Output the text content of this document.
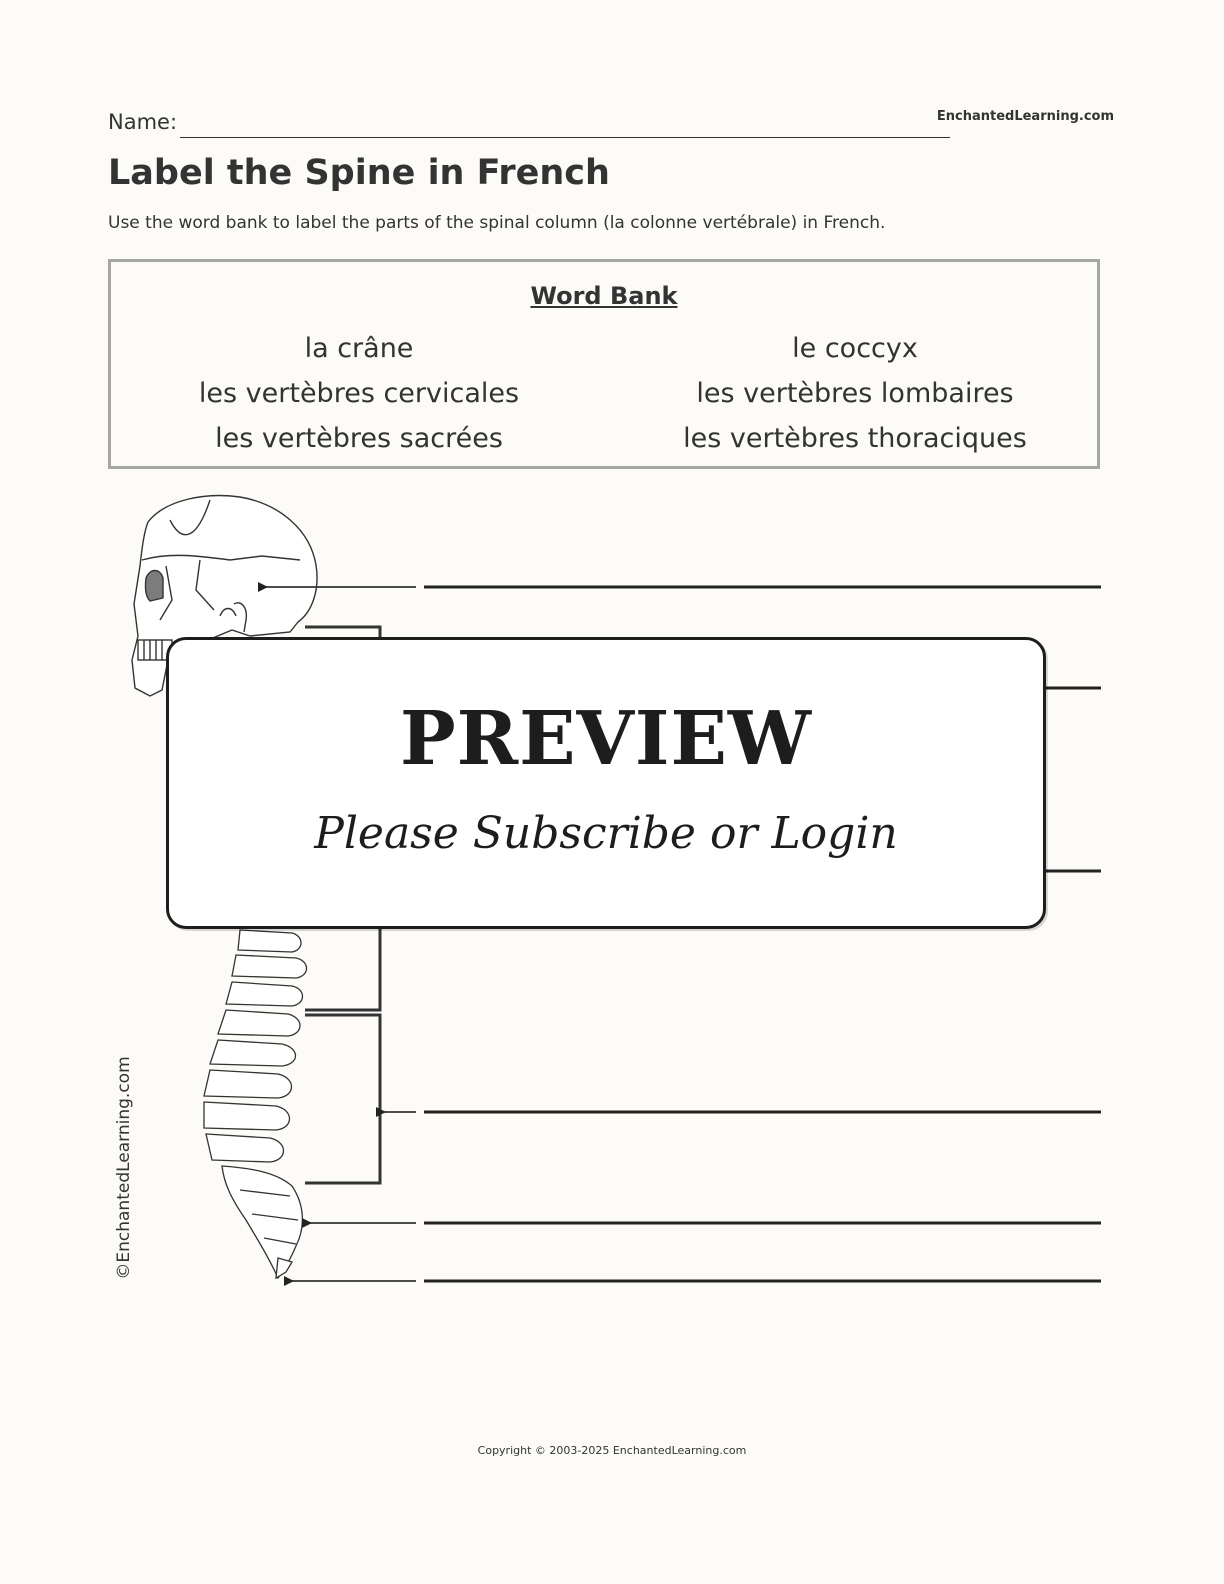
Name:	EnchantedLearning.com
Label the Spine in French
Use the word bank to label the parts of the spinal column (la colonne vertébrale) in French.
Word Bank
la crâne
les vertèbres cervicales
les vertèbres sacrées
le coccyx
les vertèbres lombaires
les vertèbres thoraciques
PREVIEW
Please Subscribe or Login
©EnchantedLearning.com
Copyright © 2003-2025 EnchantedLearning.com
